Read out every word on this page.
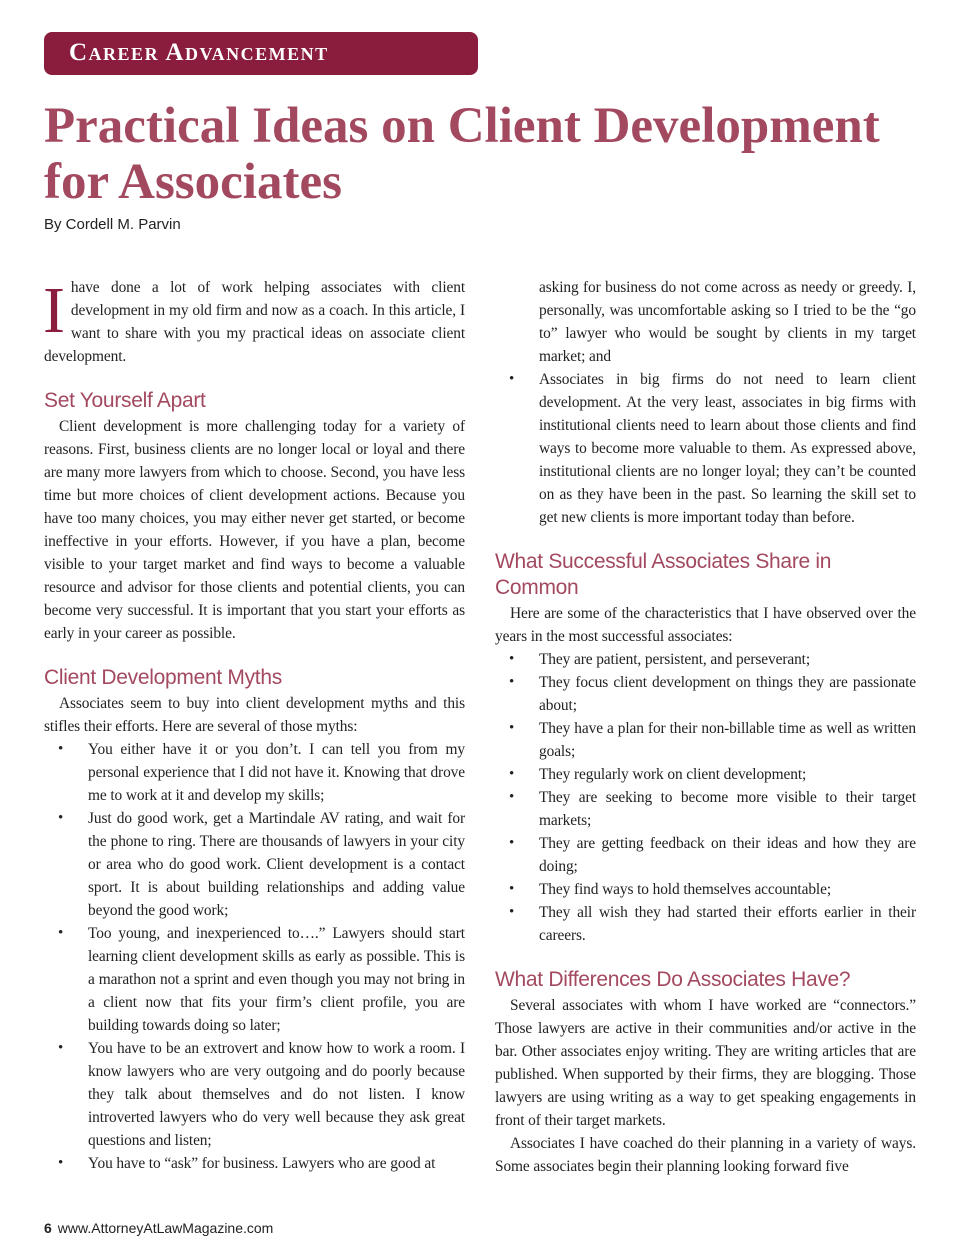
Career Advancement
Practical Ideas on Client Development for Associates

By Cordell M. Parvin

Ihave done a lot of work helping associates with client development in my old firm and now as a coach. In this article, I want to share with you my practical ideas on associate client development.

Set Yourself Apart

Client development is more challenging today for a variety of reasons. First, business clients are no longer local or loyal and there are many more lawyers from which to choose. Second, you have less time but more choices of client development actions. Because you have too many choices, you may either never get started, or become ineffective in your efforts. However, if you have a plan, become visible to your target market and find ways to become a valuable resource and advisor for those clients and potential clients, you can become very successful. It is important that you start your efforts as early in your career as possible.

Client Development Myths

Associates seem to buy into client development myths and this stifles their efforts. Here are several of those myths:

• You either have it or you don’t. I can tell you from my personal experience that I did not have it. Knowing that drove me to work at it and develop my skills;
• Just do good work, get a Martindale AV rating, and wait for the phone to ring. There are thousands of lawyers in your city or area who do good work. Client development is a contact sport. It is about building relationships and adding value beyond the good work;
• Too young, and inexperienced to….” Lawyers should start learning client development skills as early as possible. This is a marathon not a sprint and even though you may not bring in a client now that fits your firm’s client profile, you are building towards doing so later;
• You have to be an extrovert and know how to work a room. I know lawyers who are very outgoing and do poorly because they talk about themselves and do not listen. I know introverted lawyers who do very well because they ask great questions and listen;
• You have to “ask” for business. Lawyers who are good at
asking for business do not come across as needy or greedy. I, personally, was uncomfortable asking so I tried to be the “go to” lawyer who would be sought by clients in my target market; and
• Associates in big firms do not need to learn client development. At the very least, associates in big firms with institutional clients need to learn about those clients and find ways to become more valuable to them. As expressed above, institutional clients are no longer loyal; they can’t be counted on as they have been in the past. So learning the skill set to get new clients is more important today than before.
What Successful Associates Share in Common

Here are some of the characteristics that I have observed over the years in the most successful associates:

• They are patient, persistent, and perseverant;
• They focus client development on things they are passionate about;
• They have a plan for their non-billable time as well as written goals;
• They regularly work on client development;
• They are seeking to become more visible to their target markets;
• They are getting feedback on their ideas and how they are doing;
• They find ways to hold themselves accountable;
• They all wish they had started their efforts earlier in their careers.
What Differences Do Associates Have?

Several associates with whom I have worked are “connectors.” Those lawyers are active in their communities and/or active in the bar. Other associates enjoy writing. They are writing articles that are published. When supported by their firms, they are blogging. Those lawyers are using writing as a way to get speaking engagements in front of their target markets.

Associates I have coached do their planning in a variety of ways. Some associates begin their planning looking forward five

6 www.AttorneyAtLawMagazine.com
